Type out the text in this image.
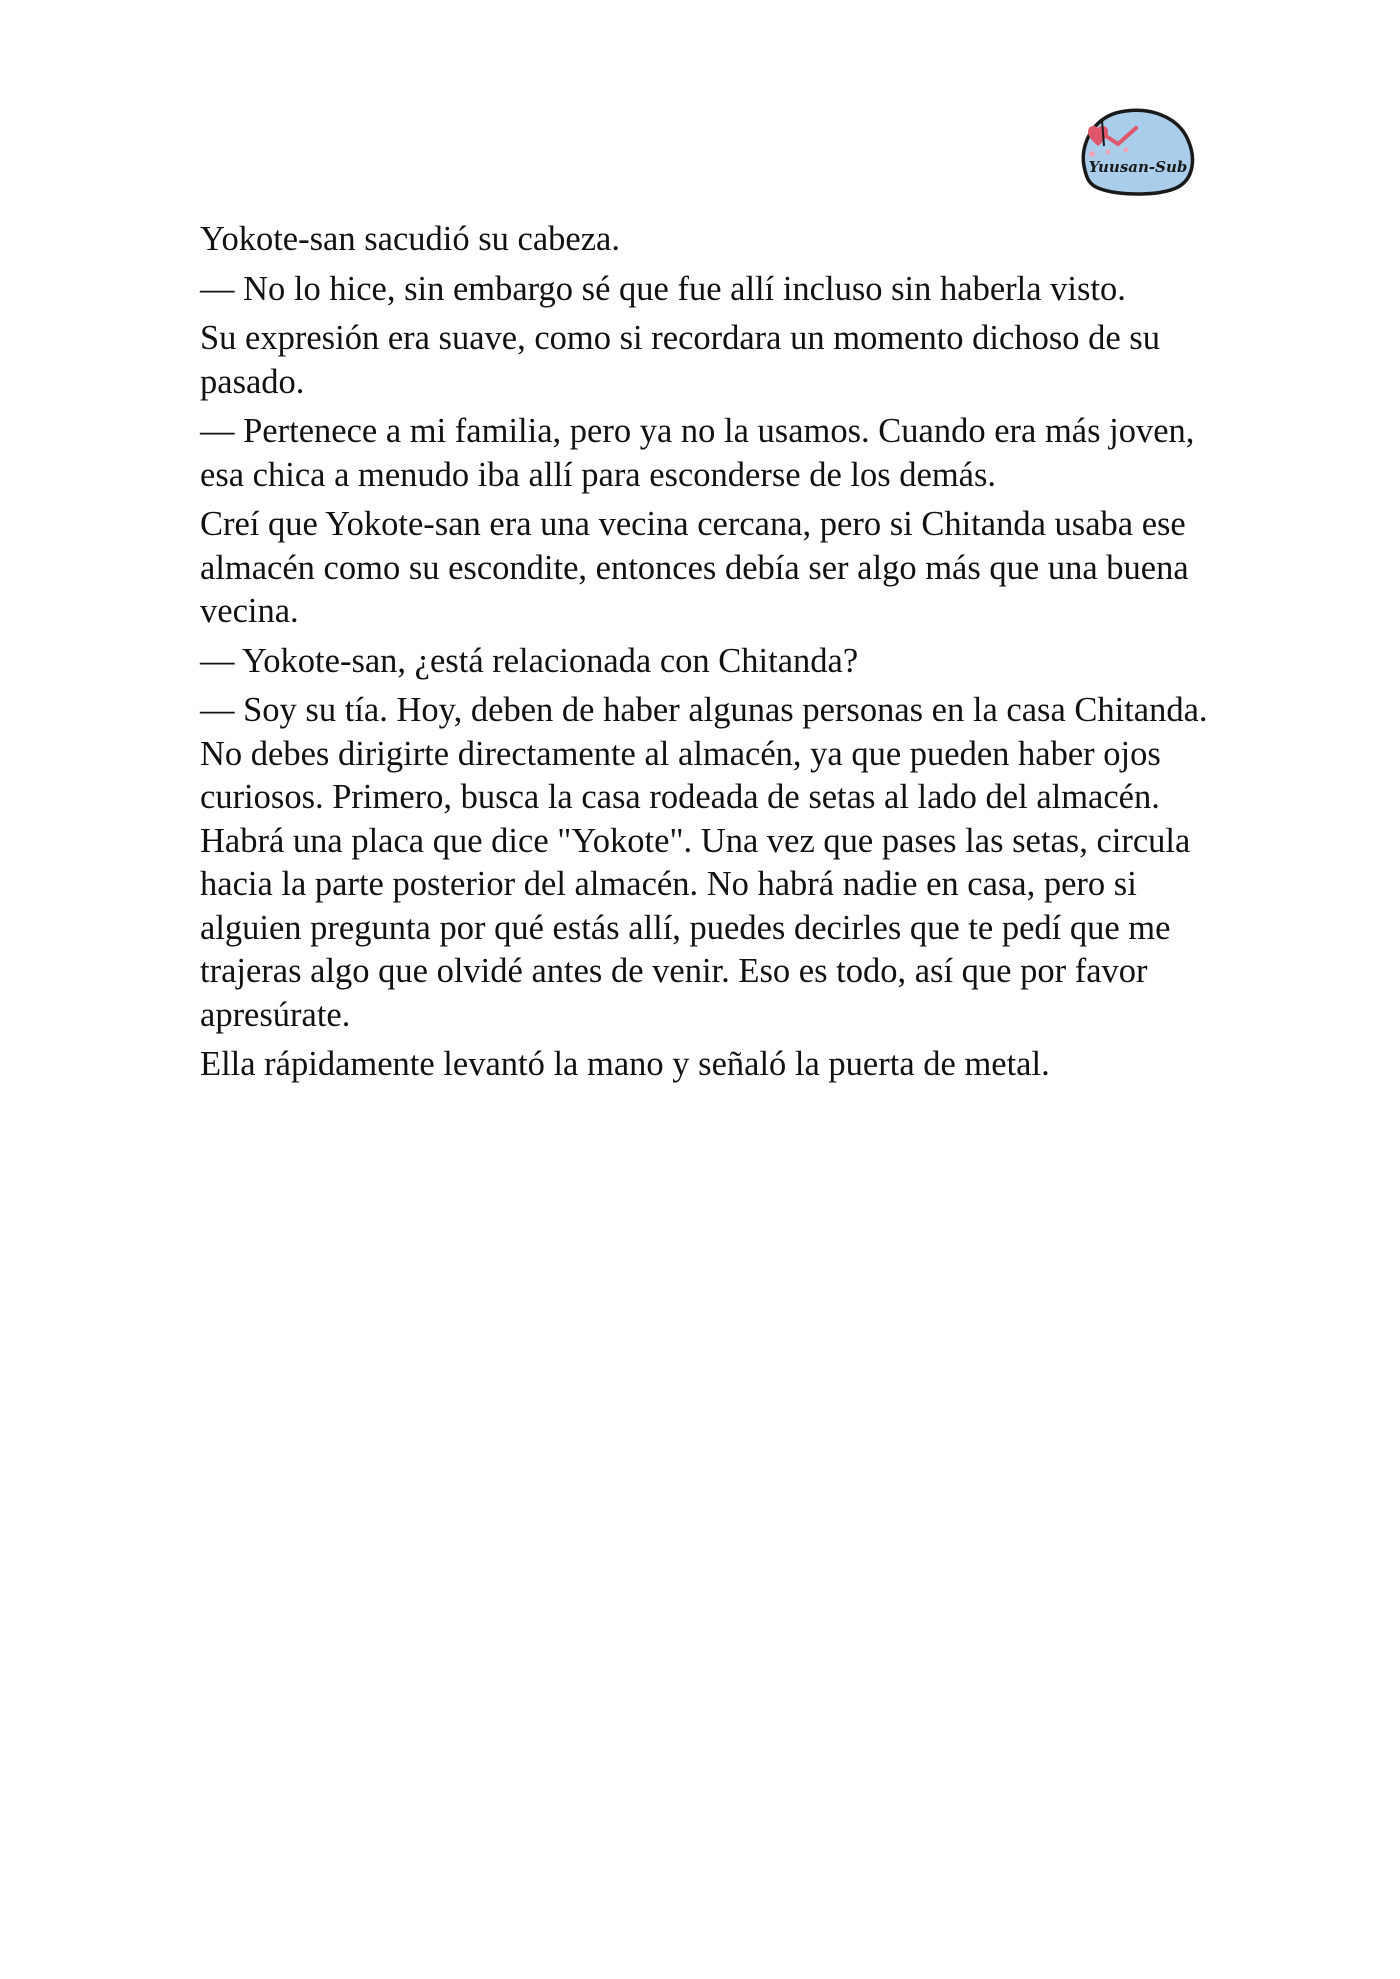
Yuusan-Sub

Yokote-san sacudió su cabeza.

— No lo hice, sin embargo sé que fue allí incluso sin haberla visto.

Su expresión era suave, como si recordara un momento dichoso de su pasado.

— Pertenece a mi familia, pero ya no la usamos. Cuando era más joven, esa chica a menudo iba allí para esconderse de los demás.

Creí que Yokote-san era una vecina cercana, pero si Chitanda usaba ese almacén como su escondite, entonces debía ser algo más que una buena vecina.

— Yokote-san, ¿está relacionada con Chitanda?

— Soy su tía. Hoy, deben de haber algunas personas en la casa Chitanda. No debes dirigirte directamente al almacén, ya que pueden haber ojos curiosos. Primero, busca la casa rodeada de setas al lado del almacén. Habrá una placa que dice "Yokote". Una vez que pases las setas, circula hacia la parte posterior del almacén. No habrá nadie en casa, pero si alguien pregunta por qué estás allí, puedes decirles que te pedí que me trajeras algo que olvidé antes de venir. Eso es todo, así que por favor apresúrate.

Ella rápidamente levantó la mano y señaló la puerta de metal.
